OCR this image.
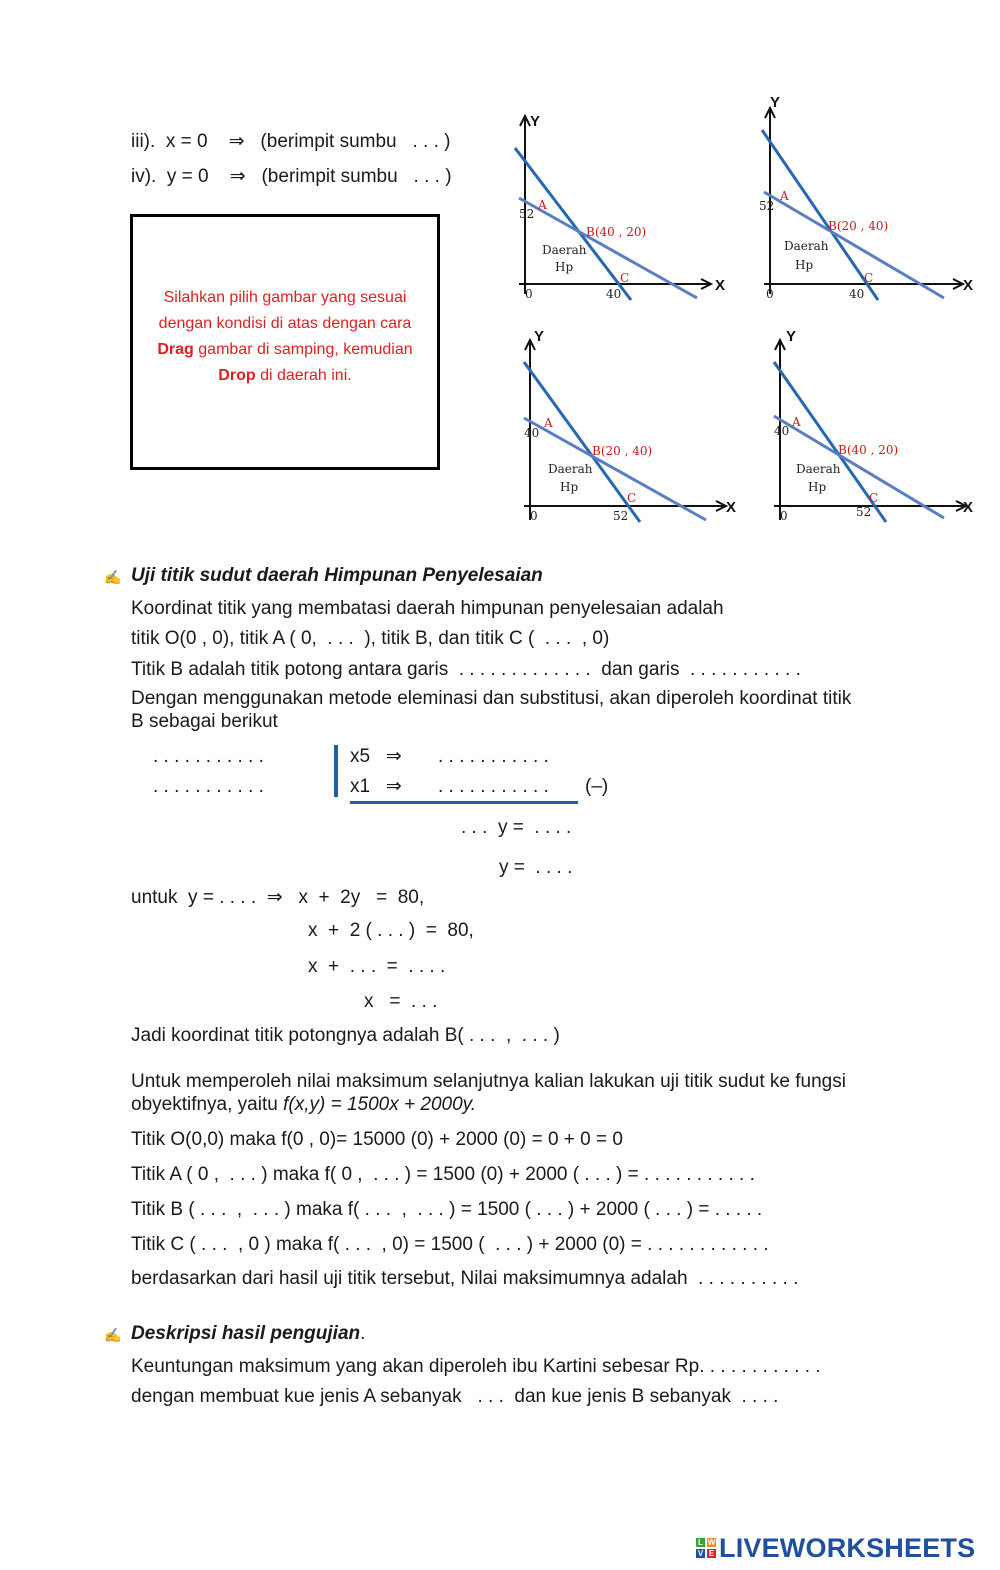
iii).  x = 0    ⇒   (berimpit sumbu   . . . )
iv).  y = 0    ⇒   (berimpit sumbu   . . . )
Silahkan pilih gambar yang sesuai
dengan kondisi di atas dengan cara
Drag gambar di samping, kemudian
Drop di daerah ini.
Y
X
0
52
40
A
B(40 , 20)
C
Daerah
Hp
Y
X
0
52
40
A
B(20 , 40)
C
Daerah
Hp
Y
X
0
40
52
A
B(20 , 40)
C
Daerah
Hp
Y
X
0
40
52
A
B(40 , 20)
C
Daerah
Hp
✍ Uji titik sudut daerah Himpunan Penyelesaian
Koordinat titik yang membatasi daerah himpunan penyelesaian adalah
titik O(0 , 0), titik A ( 0,  . . .  ), titik B, dan titik C (  . . .  , 0)
Titik B adalah titik potong antara garis  . . . . . . . . . . . . .  dan garis  . . . . . . . . . . .
Dengan menggunakan metode eleminasi dan substitusi, akan diperoleh koordinat titik
B sebagai berikut
. . . . . . . . . . .
. . . . . . . . . . .
x5   ⇒
x1   ⇒
. . . . . . . . . . .
. . . . . . . . . . . (–)
. . .  y =  . . . .
y =  . . . .
untuk  y = . . . .  ⇒   x  +  2y   =  80,
x  +  2 ( . . . )  =  80,
x  +  . . .  =  . . . .
x   =  . . .
Jadi koordinat titik potongnya adalah B( . . .  ,  . . . )
Untuk memperoleh nilai maksimum selanjutnya kalian lakukan uji titik sudut ke fungsi
obyektifnya, yaitu f(x,y) = 1500x + 2000y.
Titik O(0,0) maka f(0 , 0)= 15000 (0) + 2000 (0) = 0 + 0 = 0
Titik A ( 0 ,  . . . ) maka f( 0 ,  . . . ) = 1500 (0) + 2000 ( . . . ) = . . . . . . . . . . .
Titik B ( . . .  ,  . . . ) maka f( . . .  ,  . . . ) = 1500 ( . . . ) + 2000 ( . . . ) = . . . . .
Titik C ( . . .  , 0 ) maka f( . . .  , 0) = 1500 (  . . . ) + 2000 (0) = . . . . . . . . . . . .
berdasarkan dari hasil uji titik tersebut, Nilai maksimumnya adalah  . . . . . . . . . .
✍ Deskripsi hasil pengujian.
Keuntungan maksimum yang akan diperoleh ibu Kartini sebesar Rp. . . . . . . . . . . .
dengan membuat kue jenis A sebanyak   . . .  dan kue jenis B sebanyak  . . . .
L W
V E LIVEWORKSHEETS
